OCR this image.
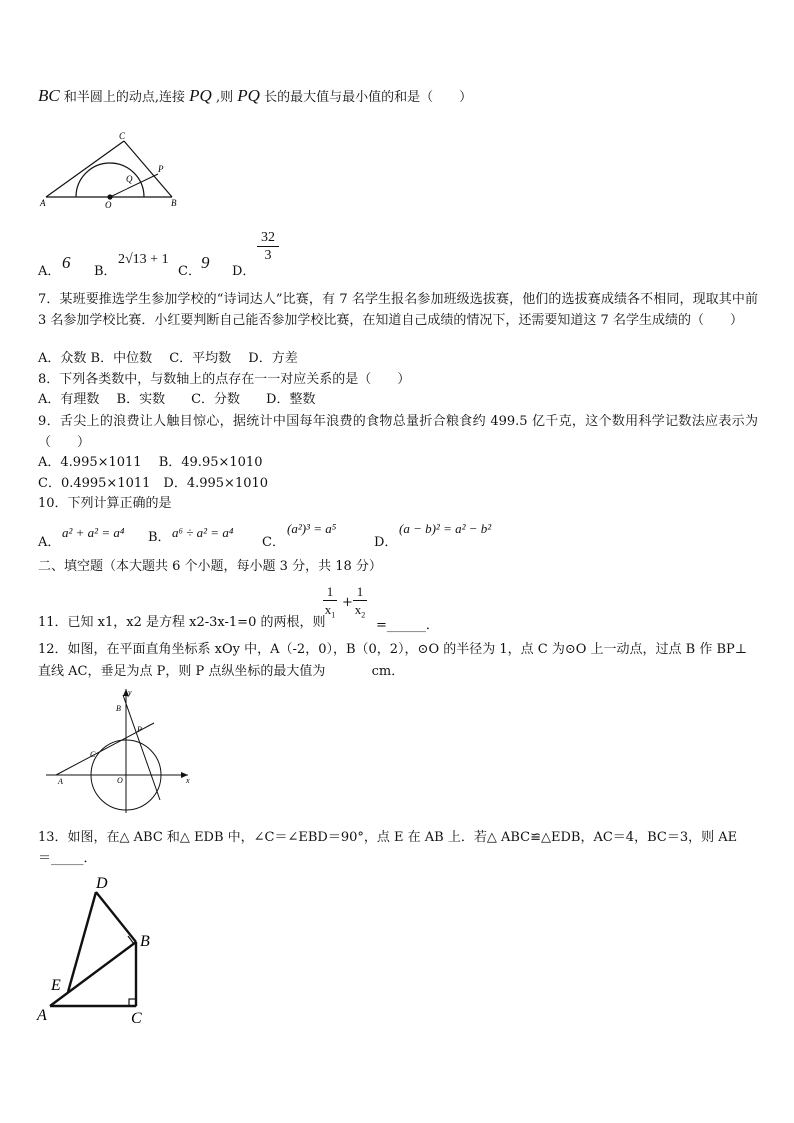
BC 和半圆上的动点,连接 PQ ,则 PQ 长的最大值与最小值的和是（　　）
A	B
C
O
P
Q
A． 6 B．
2√13 + 1
C． 9 D．
$\frac{32}{3}$
7．某班要推选学生参加学校的“诗词达人”比赛，有 7 名学生报名参加班级选拔赛，他们的选拔赛成绩各不相同，现取其中前 3 名参加学校比赛．小红要判断自己能否参加学校比赛，在知道自己成绩的情况下，还需要知道这 7 名学生成绩的（　　）
A．众数 B．中位数　 C．平均数　 D．方差
8．下列各类数中，与数轴上的点存在一一对应关系的是（　　）
A．有理数　 B．实数　　C．分数　　D．整数
9．舌尖上的浪费让人触目惊心，据统计中国每年浪费的食物总量折合粮食约 499.5 亿千克，这个数用科学记数法应表示为（　　）
A．4.995×1011　 B．49.95×1010
C．0.4995×1011　D．4.995×1010
10．下列计算正确的是
A．
a² + a² = a⁴ B． a⁶ ÷ a² = a⁴
C．
(a²)³ = a⁵
D．
(a − b)² = a² − b²
二、填空题（本大题共 6 个小题，每小题 3 分，共 18 分）
11．已知 x1，x2 是方程 x2-3x-1=0 的两根，则
$\frac{1}{x_1} + \frac{1}{x_2}$
=______．
12．如图，在平面直角坐标系 xOy 中，A（-2，0），B（0，2），⊙O 的半径为 1，点 C 为⊙O 上一动点，过点 B 作 BP⊥
直线 AC，垂足为点 P，则 P 点纵坐标的最大值为	cm．
y
x
B
P
C
A	O
13．如图，在△ ABC 和△ EDB 中，∠C＝∠EBD＝90°，点 E 在 AB 上．若△ ABC≌△EDB，AC＝4，BC＝3，则 AE
＝_____．
D
B
E
A	C
